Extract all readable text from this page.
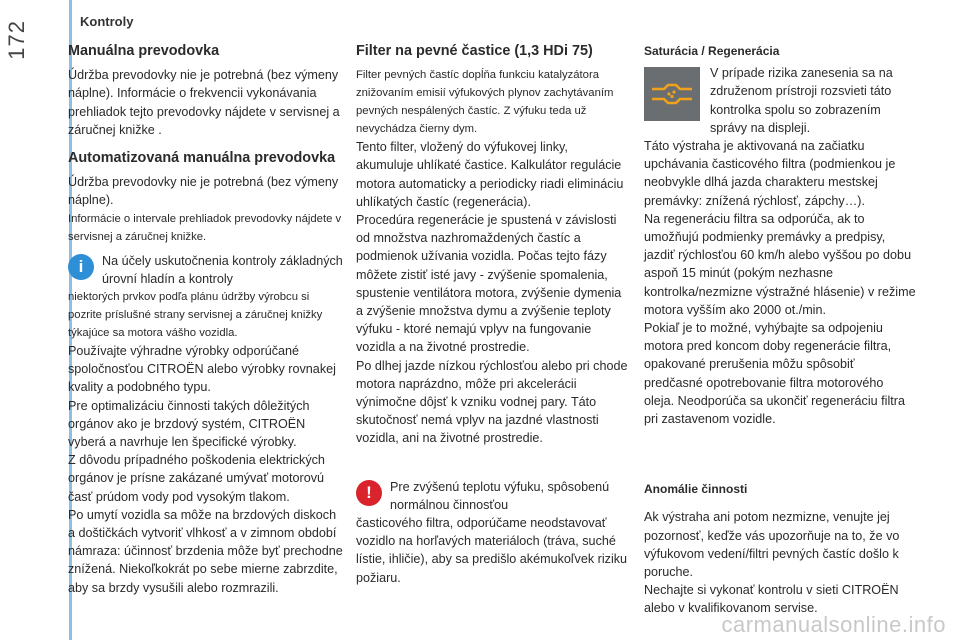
172	Kontroly
Manuálna prevodovka

Údržba prevodovky nie je potrebná (bez výmeny náplne). Informácie o frekvencii vykonávania prehliadok tejto prevodovky nájdete v servisnej a záručnej knižke .

Automatizovaná manuálna prevodovka

Údržba prevodovky nie je potrebná (bez výmeny náplne).

Informácie o intervale prehliadok prevodovky nájdete v servisnej a záručnej knižke.

i	Na účely uskutočnenia kontroly základných úrovní hladín a kontroly

niektorých prvkov podľa plánu údržby výrobcu si pozrite príslušné strany servisnej a záručnej knižky týkajúce sa motora vášho vozidla.

Používajte výhradne výrobky odporúčané spoločnosťou CITROËN alebo výrobky rovnakej kvality a podobného typu.

Pre optimalizáciu činnosti takých dôležitých orgánov ako je brzdový systém, CITROËN vyberá a navrhuje len špecifické výrobky.

Z dôvodu prípadného poškodenia elektrických orgánov je prísne zakázané umývať motorovú časť prúdom vody pod vysokým tlakom.

Po umytí vozidla sa môže na brzdových diskoch a doštičkách vytvoriť vlhkosť a v zimnom období námraza: účinnosť brzdenia môže byť prechodne znížená. Niekoľkokrát po sebe mierne zabrzdite, aby sa brzdy vysušili alebo rozmrazili.

Filter na pevné častice (1,3 HDi 75)

Filter pevných častíc dopĺňa funkciu katalyzátora znižovaním emisií výfukových plynov zachytávaním pevných nespálených častíc. Z výfuku teda už nevychádza čierny dym.

Tento filter, vložený do výfukovej linky, akumuluje uhlíkaté častice. Kalkulátor regulácie motora automaticky a periodicky riadi elimináciu uhlíkatých častíc (regenerácia).

Procedúra regenerácie je spustená v závislosti od množstva nazhromaždených častíc a podmienok užívania vozidla. Počas tejto fázy môžete zistiť isté javy - zvýšenie spomalenia, spustenie ventilátora motora, zvýšenie dymenia a zvýšenie množstva dymu a zvýšenie teploty výfuku - ktoré nemajú vplyv na fungovanie vozidla a na životné prostredie.

Po dlhej jazde nízkou rýchlosťou alebo pri chode motora naprázdno, môže pri akcelerácii výnimočne dôjsť k vzniku vodnej pary. Táto skutočnosť nemá vplyv na jazdné vlastnosti vozidla, ani na životné prostredie.

!	Pre zvýšenú teplotu výfuku, spôsobenú normálnou činnosťou

časticového filtra, odporúčame neodstavovať vozidlo na horľavých materiáloch (tráva, suché lístie, ihličie), aby sa predišlo akémukoľvek riziku požiaru.

Saturácia / Regenerácia

V prípade rizika zanesenia sa na združenom prístroji rozsvieti táto kontrolka spolu so zobrazením správy na displeji.

Táto výstraha je aktivovaná na začiatku upchávania časticového filtra (podmienkou je neobvykle dlhá jazda charakteru mestskej premávky: znížená rýchlosť, zápchy…).

Na regeneráciu filtra sa odporúča, ak to umožňujú podmienky premávky a predpisy, jazdiť rýchlosťou 60 km/h alebo vyššou po dobu aspoň 15 minút (pokým nezhasne kontrolka/nezmizne výstražné hlásenie) v režime motora vyšším ako 2000 ot./min.

Pokiaľ je to možné, vyhýbajte sa odpojeniu motora pred koncom doby regenerácie filtra, opakované prerušenia môžu spôsobiť predčasné opotrebovanie filtra motorového oleja. Neodporúča sa ukončiť regeneráciu filtra pri zastavenom vozidle.

Anomálie činnosti

Ak výstraha ani potom nezmizne, venujte jej pozornosť, keďže vás upozorňuje na to, že vo výfukovom vedení/filtri pevných častíc došlo k poruche.

Nechajte si vykonať kontrolu v sieti CITROËN alebo v kvalifikovanom servise.

carmanualsonline.info
